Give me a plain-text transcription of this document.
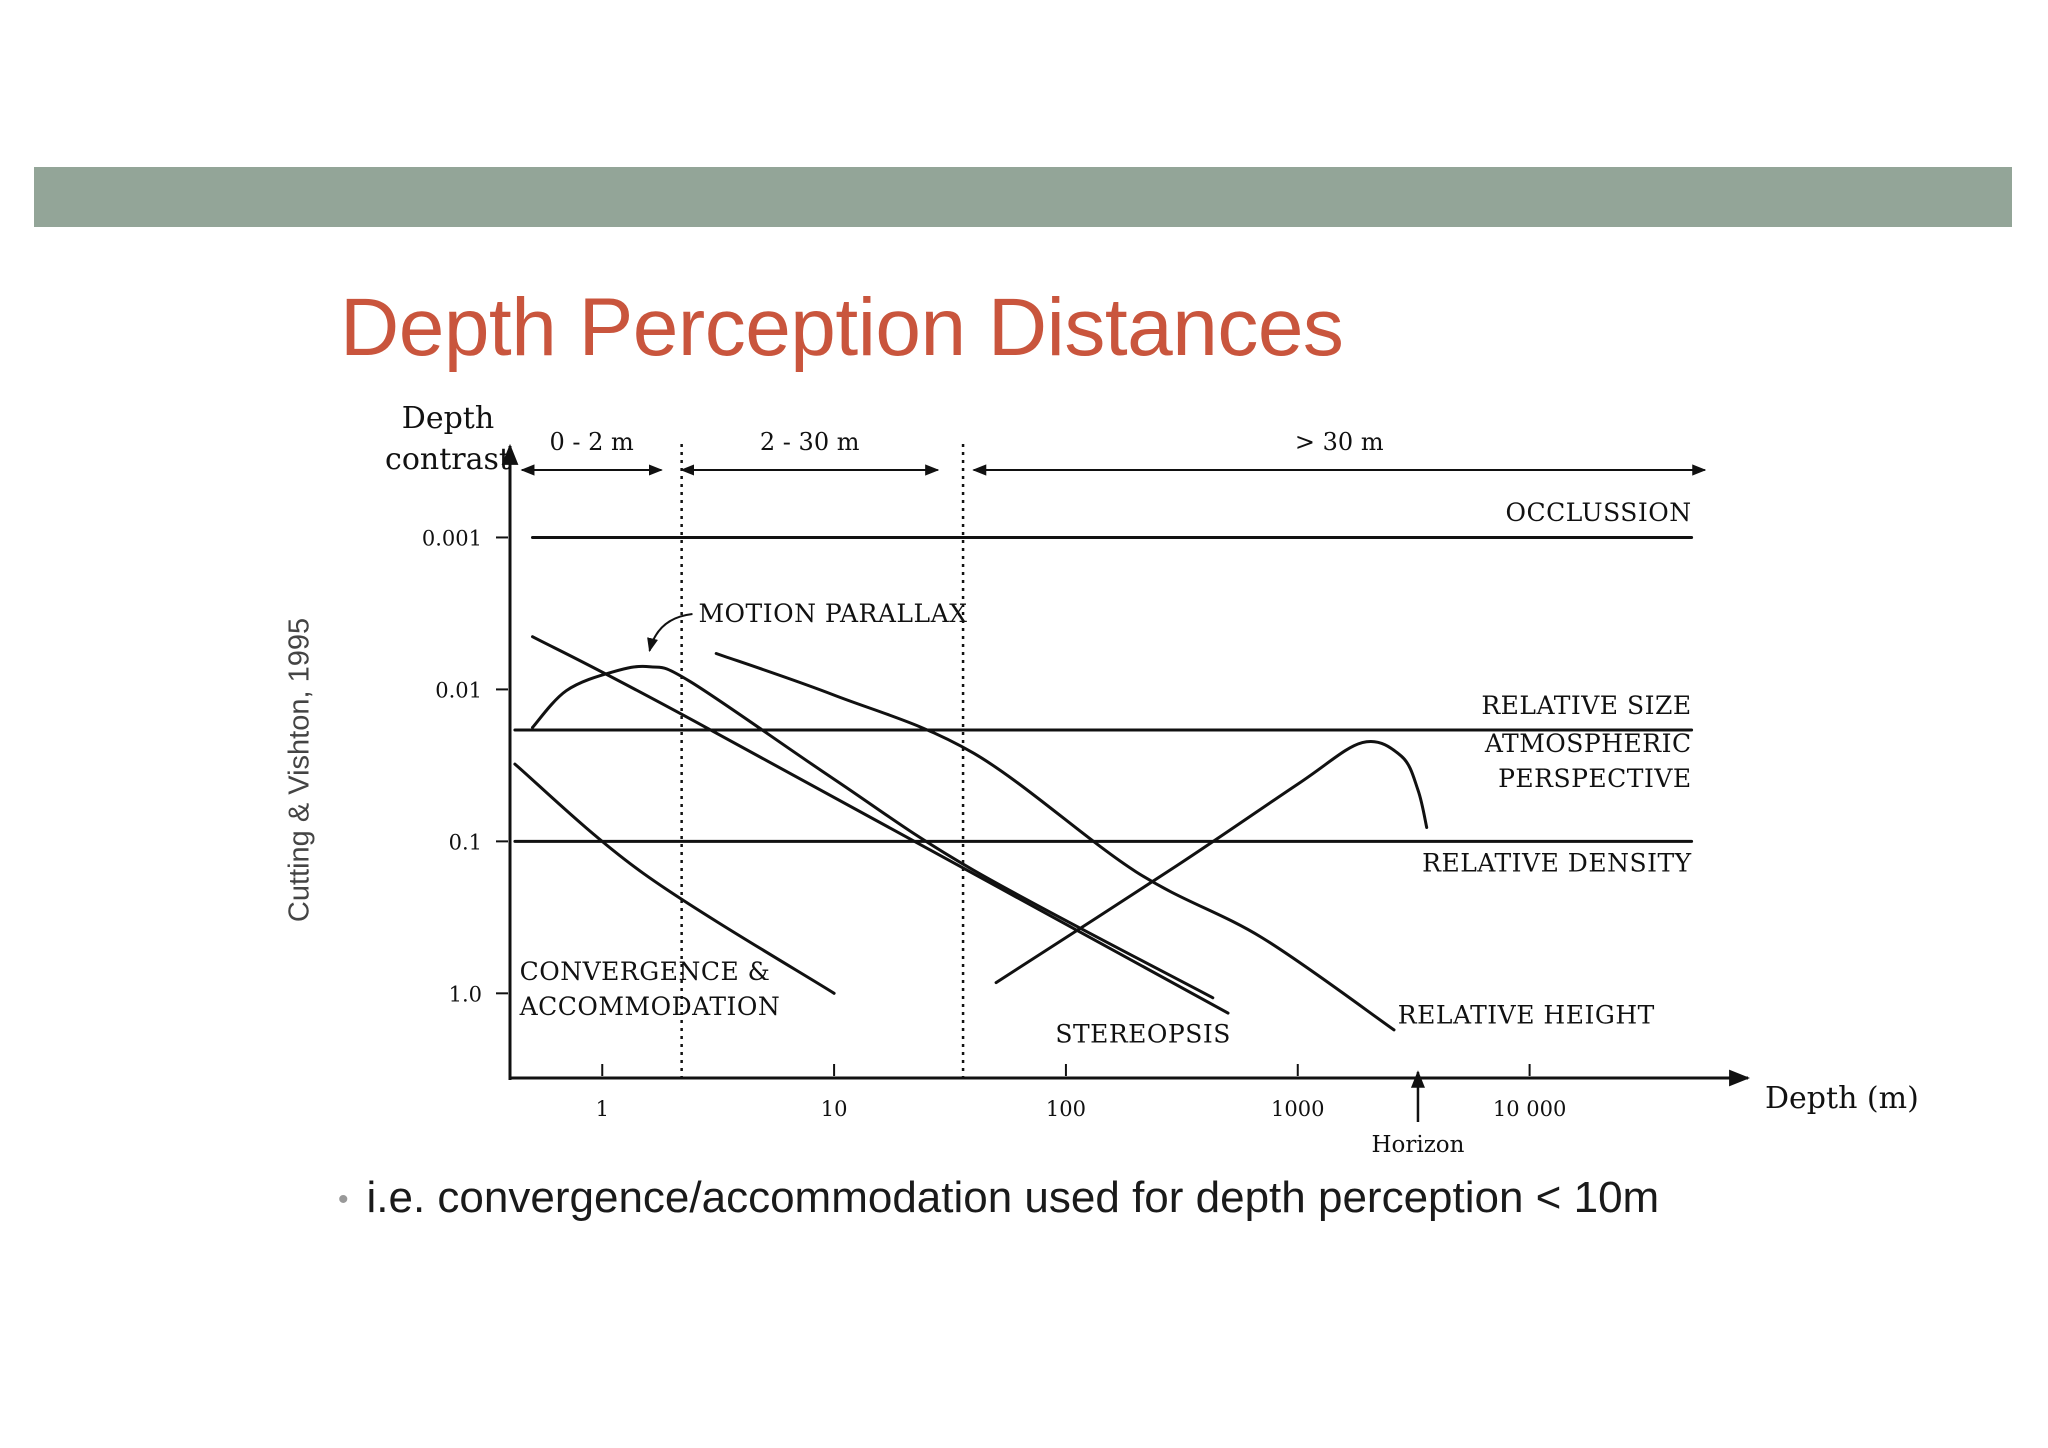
Depth Perception Distances
Cutting & Vishton, 1995
Depth
contrast
Depth (m)
0.001
0.01
0.1
1.0
1	10	100	1000	10 000
0 - 2 m	2 - 30 m	> 30 m
OCCLUSSION
RELATIVE SIZE
ATMOSPHERIC
PERSPECTIVE
RELATIVE DENSITY
CONVERGENCE &
ACCOMMODATION
MOTION PARALLAX
STEREOPSIS
RELATIVE HEIGHT
Horizon
• i.e. convergence/accommodation used for depth perception < 10m
